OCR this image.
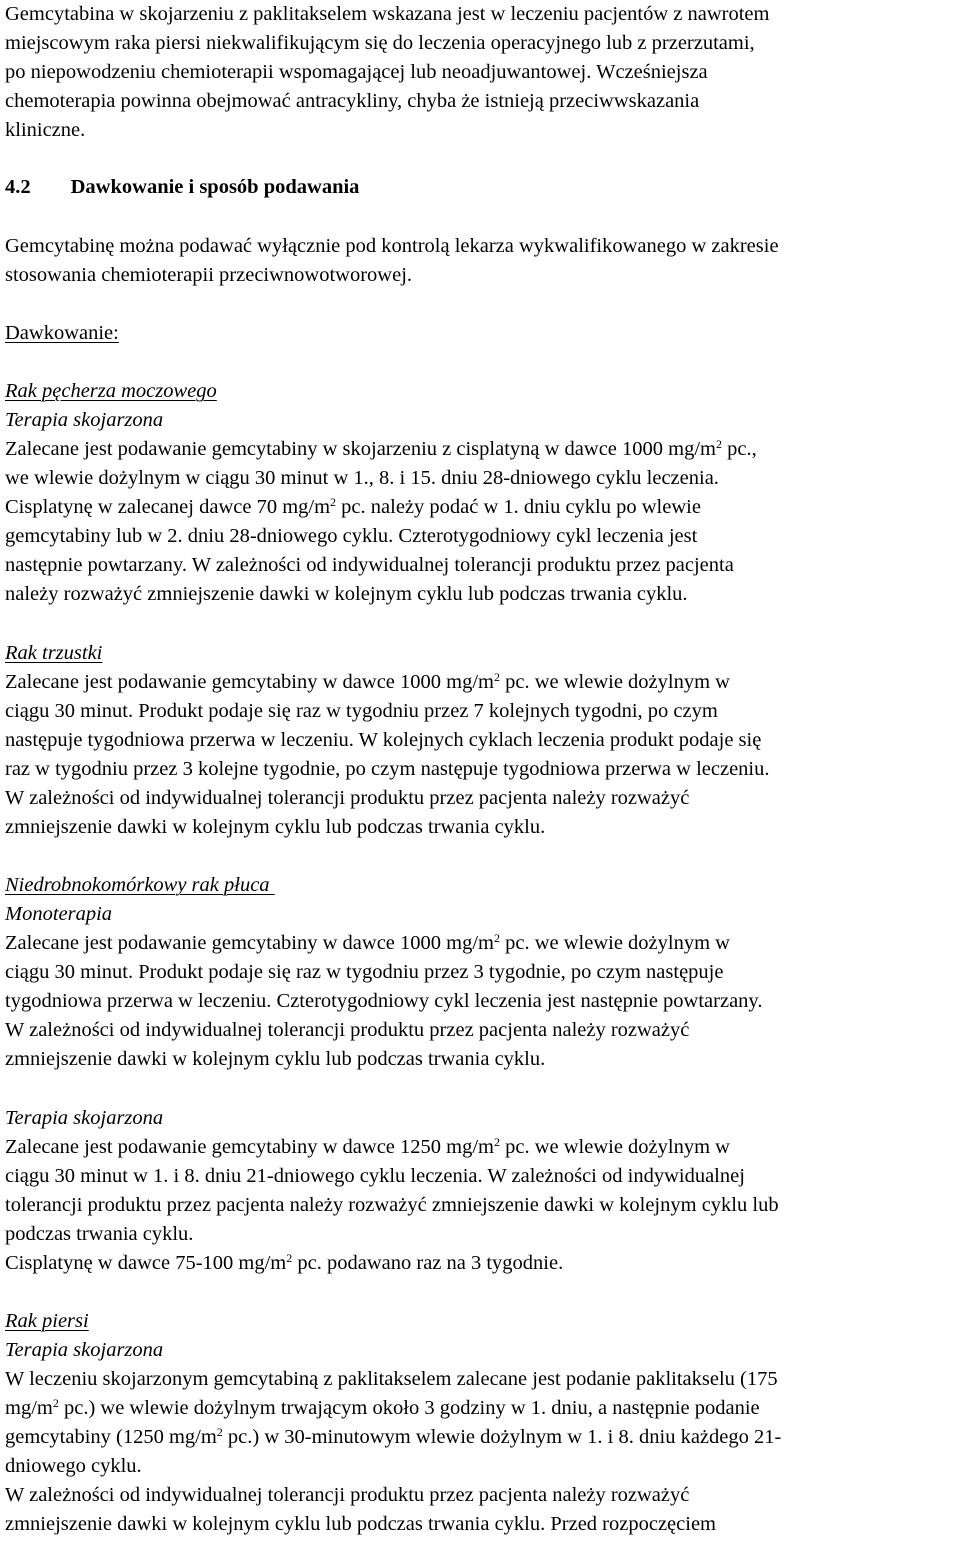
Gemcytabina w skojarzeniu z paklitakselem wskazana jest w leczeniu pacjentów z nawrotem
miejscowym raka piersi niekwalifikującym się do leczenia operacyjnego lub z przerzutami,
po niepowodzeniu chemioterapii wspomagającej lub neoadjuwantowej. Wcześniejsza
chemoterapia powinna obejmować antracykliny, chyba że istnieją przeciwwskazania
kliniczne.
4.2 Dawkowanie i sposób podawania
Gemcytabinę można podawać wyłącznie pod kontrolą lekarza wykwalifikowanego w zakresie
stosowania chemioterapii przeciwnowotworowej.
Dawkowanie:
Rak pęcherza moczowego
Terapia skojarzona
Zalecane jest podawanie gemcytabiny w skojarzeniu z cisplatyną w dawce 1000 $mg/m^2$ pc.,
we wlewie dożylnym w ciągu 30 minut w 1., 8. i 15. dniu 28-dniowego cyklu leczenia.
Cisplatynę w zalecanej dawce 70 $mg/m^2$ pc. należy podać w 1. dniu cyklu po wlewie
gemcytabiny lub w 2. dniu 28-dniowego cyklu. Czterotygodniowy cykl leczenia jest
następnie powtarzany. W zależności od indywidualnej tolerancji produktu przez pacjenta
należy rozważyć zmniejszenie dawki w kolejnym cyklu lub podczas trwania cyklu.
Rak trzustki
Zalecane jest podawanie gemcytabiny w dawce 1000 $mg/m^2$ pc. we wlewie dożylnym w
ciągu 30 minut. Produkt podaje się raz w tygodniu przez 7 kolejnych tygodni, po czym
następuje tygodniowa przerwa w leczeniu. W kolejnych cyklach leczenia produkt podaje się
raz w tygodniu przez 3 kolejne tygodnie, po czym następuje tygodniowa przerwa w leczeniu.
W zależności od indywidualnej tolerancji produktu przez pacjenta należy rozważyć
zmniejszenie dawki w kolejnym cyklu lub podczas trwania cyklu.
Niedrobnokomórkowy rak płuca
Monoterapia
Zalecane jest podawanie gemcytabiny w dawce 1000 $mg/m^2$ pc. we wlewie dożylnym w
ciągu 30 minut. Produkt podaje się raz w tygodniu przez 3 tygodnie, po czym następuje
tygodniowa przerwa w leczeniu. Czterotygodniowy cykl leczenia jest następnie powtarzany.
W zależności od indywidualnej tolerancji produktu przez pacjenta należy rozważyć
zmniejszenie dawki w kolejnym cyklu lub podczas trwania cyklu.
Terapia skojarzona
Zalecane jest podawanie gemcytabiny w dawce 1250 $mg/m^2$ pc. we wlewie dożylnym w
ciągu 30 minut w 1. i 8. dniu 21-dniowego cyklu leczenia. W zależności od indywidualnej
tolerancji produktu przez pacjenta należy rozważyć zmniejszenie dawki w kolejnym cyklu lub
podczas trwania cyklu.
Cisplatynę w dawce 75-100 $mg/m^2$ pc. podawano raz na 3 tygodnie.
Rak piersi
Terapia skojarzona
W leczeniu skojarzonym gemcytabiną z paklitakselem zalecane jest podanie paklitakselu (175
$mg/m^2$ pc.) we wlewie dożylnym trwającym około 3 godziny w 1. dniu, a następnie podanie
gemcytabiny (1250 $mg/m^2$ pc.) w 30-minutowym wlewie dożylnym w 1. i 8. dniu każdego 21-
dniowego cyklu.
W zależności od indywidualnej tolerancji produktu przez pacjenta należy rozważyć
zmniejszenie dawki w kolejnym cyklu lub podczas trwania cyklu. Przed rozpoczęciem
